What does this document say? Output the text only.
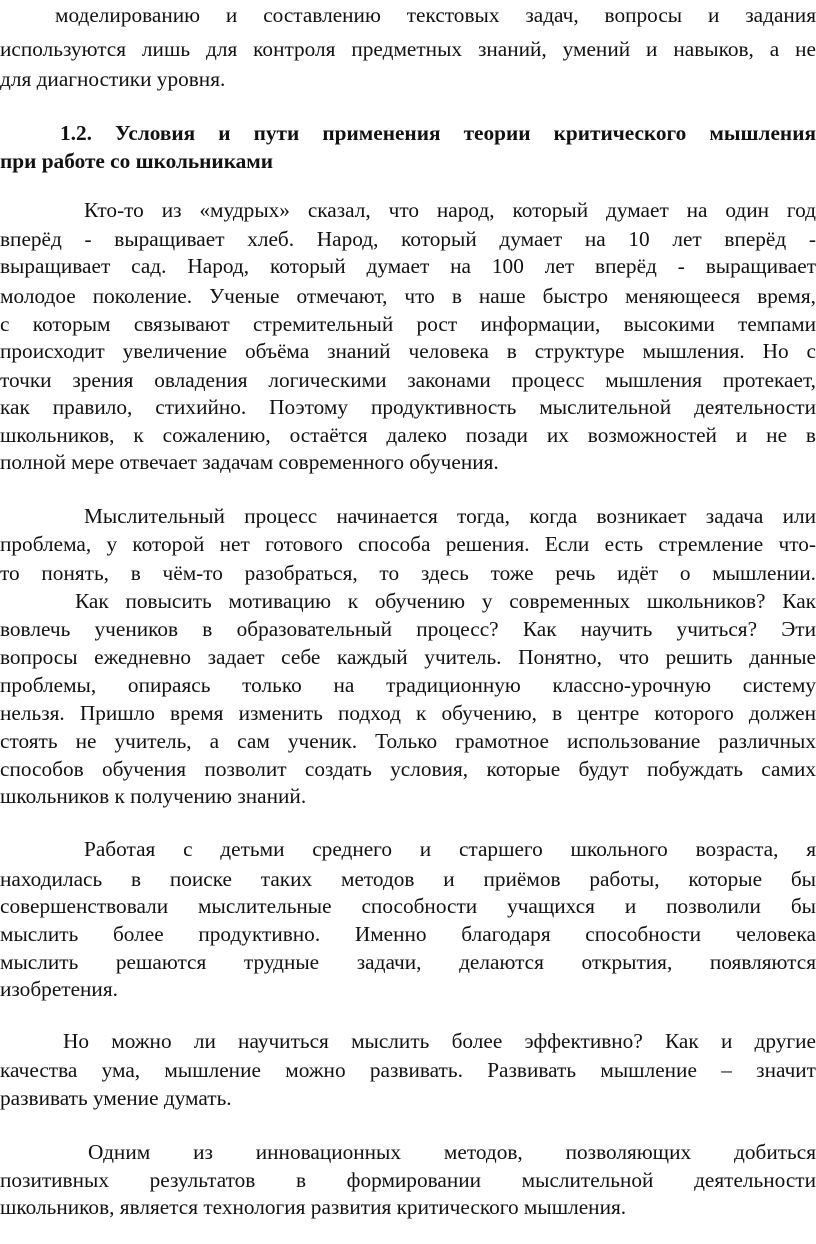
моделированию и составлению текстовых задач, вопросы и задания
используются лишь для контроля предметных знаний, умений и навыков, а не
для диагностики уровня.
1.2. Условия и пути применения теории критического мышления
при работе со школьниками
Кто-то из «мудрых» сказал, что народ, который думает на один год
вперёд - выращивает хлеб. Народ, который думает на 10 лет вперёд -
выращивает сад. Народ, который думает на 100 лет вперёд - выращивает
молодое поколение. Ученые отмечают, что в наше быстро меняющееся время,
с которым связывают стремительный рост информации, высокими темпами
происходит увеличение объёма знаний человека в структуре мышления. Но с
точки зрения овладения логическими законами процесс мышления протекает,
как правило, стихийно. Поэтому продуктивность мыслительной деятельности
школьников, к сожалению, остаётся далеко позади их возможностей и не в
полной мере отвечает задачам современного обучения.
Мыслительный процесс начинается тогда, когда возникает задача или
проблема, у которой нет готового способа решения. Если есть стремление что-
то понять, в чём-то разобраться, то здесь тоже речь идёт о мышлении.
Как повысить мотивацию к обучению у современных школьников? Как
вовлечь учеников в образовательный процесс? Как научить учиться? Эти
вопросы ежедневно задает себе каждый учитель. Понятно, что решить данные
проблемы, опираясь только на традиционную классно-урочную систему
нельзя. Пришло время изменить подход к обучению, в центре которого должен
стоять не учитель, а сам ученик. Только грамотное использование различных
способов обучения позволит создать условия, которые будут побуждать самих
школьников к получению знаний.
Работая с детьми среднего и старшего школьного возраста, я
находилась в поиске таких методов и приёмов работы, которые бы
совершенствовали мыслительные способности учащихся и позволили бы
мыслить более продуктивно. Именно благодаря способности человека
мыслить решаются трудные задачи, делаются открытия, появляются
изобретения.
Но можно ли научиться мыслить более эффективно? Как и другие
качества ума, мышление можно развивать. Развивать мышление – значит
развивать умение думать.
Одним из инновационных методов, позволяющих добиться
позитивных результатов в формировании мыслительной деятельности
школьников, является технология развития критического мышления.
